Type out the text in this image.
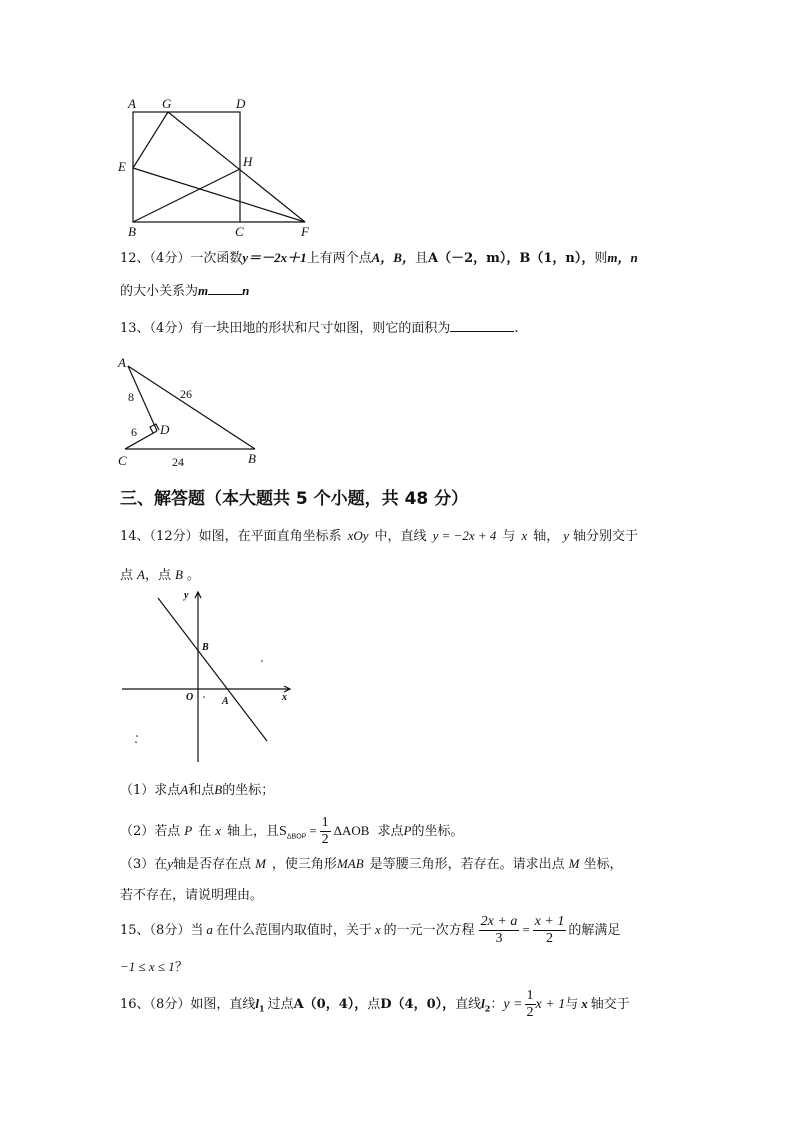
A G	D
E	H
B	C	F
12、（4分）一次函数y＝－2x＋1上有两个点A，B，且A（－2，m），B（1，n），则m，n
的大小关系为m	n
13、（4分）有一块田地的形状和尺寸如图，则它的面积为	.
A
D
C	B
8	26
6
24
三、解答题（本大题共 5 个小题，共 48 分）
14、（12分）如图，在平面直角坐标系 xOy 中，直线 y = −2x + 4 与 x 轴， y 轴分别交于
点 A，点 B 。
y
x
O	A
B
（1）求点A和点B的坐标；
（2）若点 P 在 x 轴上，且$S_{\Delta BOP} = \frac{1}{2}$ ΔAOB 求点P的坐标。
（3）在y轴是否存在点 M ，使三角形MAB 是等腰三角形，若存在。请求出点 M 坐标，
若不存在，请说明理由。
15、（8分）当 a 在什么范围内取值时，关于 x 的一元一次方程 $\frac{2x + a}{3} = \frac{x + 1}{2}$ 的解满足
−1 ≤ x ≤ 1？
16、（8分）如图，直线$l_1$ 过点A（0，4），点D（4，0），直线$l_2$：$y = \frac{1}{2}$ x + 1与 x 轴交于
